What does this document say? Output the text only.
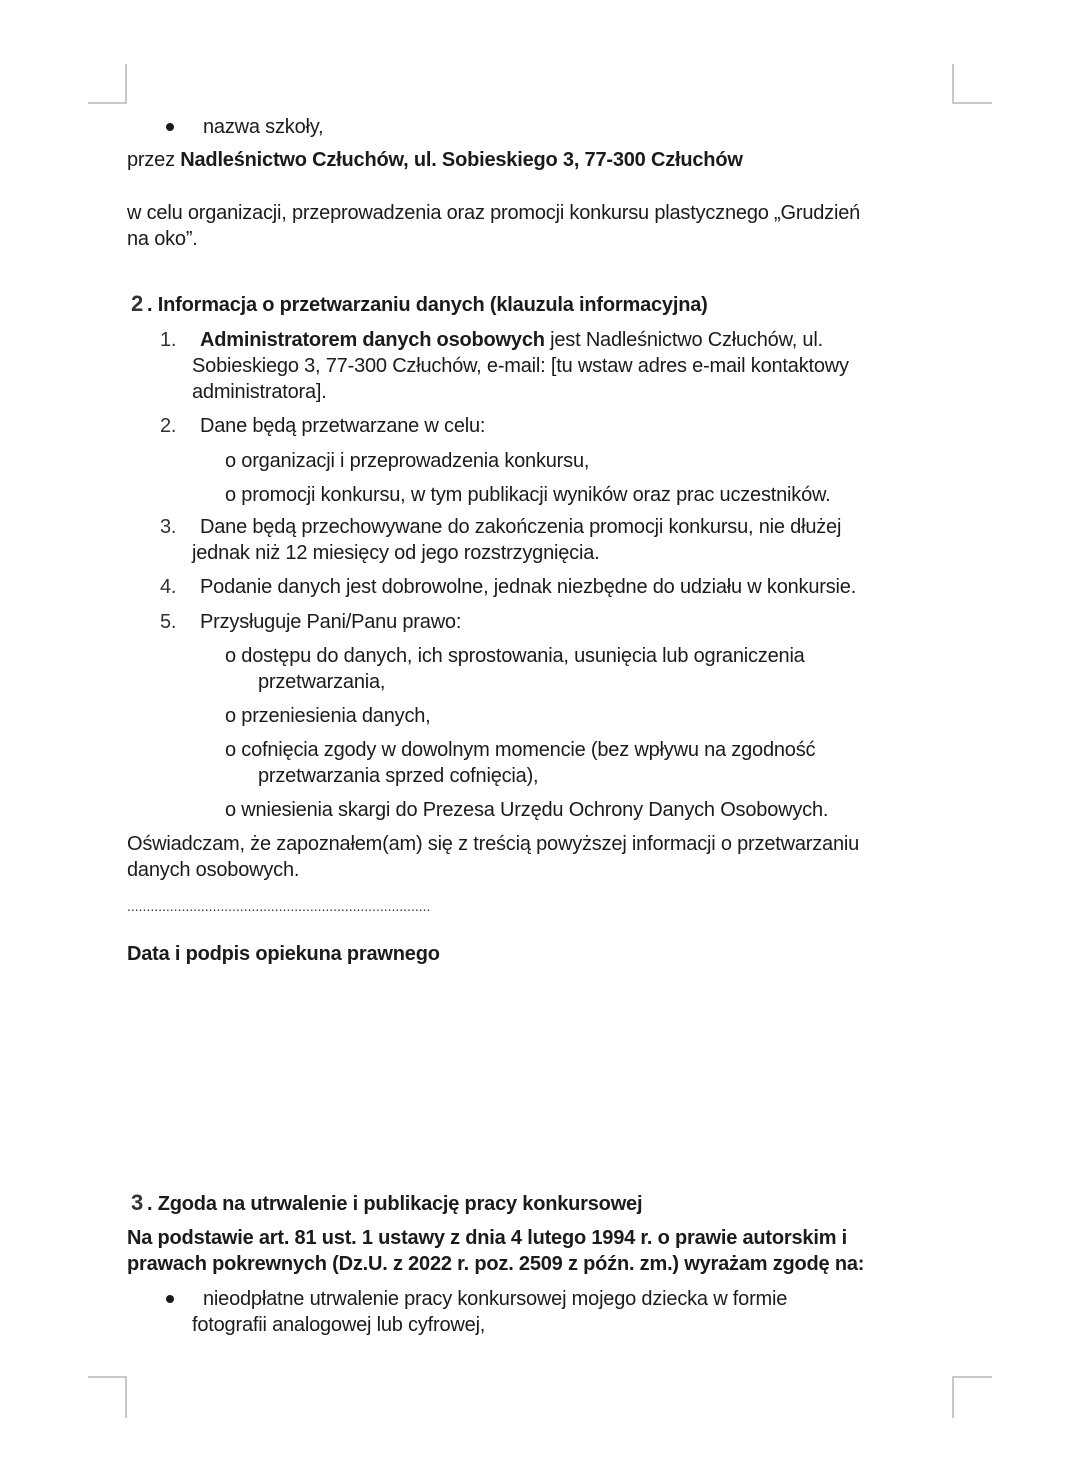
nazwa szkoły,
przez Nadleśnictwo Człuchów, ul. Sobieskiego 3, 77-300 Człuchów
w celu organizacji, przeprowadzenia oraz promocji konkursu plastycznego „Grudzień
na oko”.
2 . Informacja o przetwarzaniu danych (klauzula informacyjna)
1. Administratorem danych osobowych jest Nadleśnictwo Człuchów, ul.
Sobieskiego 3, 77-300 Człuchów, e-mail: [tu wstaw adres e-mail kontaktowy
administratora].
2. Dane będą przetwarzane w celu:
o organizacji i przeprowadzenia konkursu,
o promocji konkursu, w tym publikacji wyników oraz prac uczestników.
3. Dane będą przechowywane do zakończenia promocji konkursu, nie dłużej
jednak niż 12 miesięcy od jego rozstrzygnięcia.
4. Podanie danych jest dobrowolne, jednak niezbędne do udziału w konkursie.
5. Przysługuje Pani/Panu prawo:
o dostępu do danych, ich sprostowania, usunięcia lub ograniczenia
przetwarzania,
o przeniesienia danych,
o cofnięcia zgody w dowolnym momencie (bez wpływu na zgodność
przetwarzania sprzed cofnięcia),
o wniesienia skargi do Prezesa Urzędu Ochrony Danych Osobowych.
Oświadczam, że zapoznałem(am) się z treścią powyższej informacji o przetwarzaniu
danych osobowych.
..............................................................................
Data i podpis opiekuna prawnego
3 . Zgoda na utrwalenie i publikację pracy konkursowej
Na podstawie art. 81 ust. 1 ustawy z dnia 4 lutego 1994 r. o prawie autorskim i
prawach pokrewnych (Dz.U. z 2022 r. poz. 2509 z późn. zm.) wyrażam zgodę na:
nieodpłatne utrwalenie pracy konkursowej mojego dziecka w formie
fotografii analogowej lub cyfrowej,
